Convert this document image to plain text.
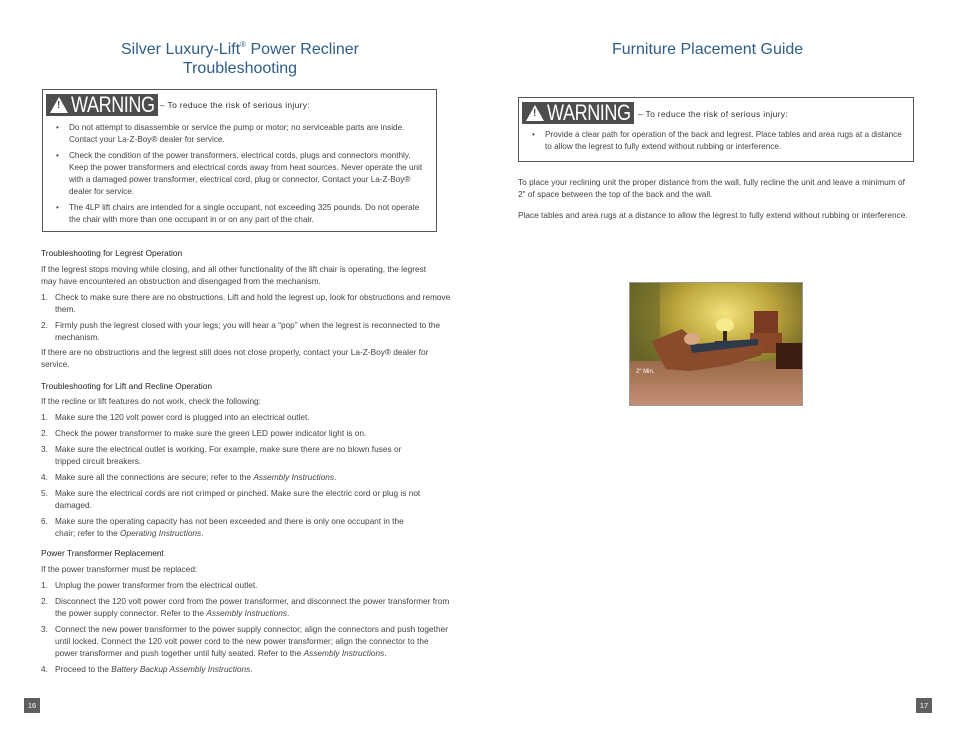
Silver Luxury-Lift® Power Recliner
Troubleshooting
! WARNING – To reduce the risk of serious injury:
• Do not attempt to disassemble or service the pump or motor; no serviceable parts are inside. Contact your La-Z-Boy® dealer for service.
• Check the condition of the power transformers, electrical cords, plugs and connectors monthly. Keep the power transformers and electrical cords away from heat sources. Never operate the unit with a damaged power transformer, electrical cord, plug or connector. Contact your La-Z-Boy® dealer for service.
• The 4LP lift chairs are intended for a single occupant, not exceeding 325 pounds. Do not operate the chair with more than one occupant in or on any part of the chair.
Troubleshooting for Legrest Operation

If the legrest stops moving while closing, and all other functionality of the lift chair is operating, the legrest may have encountered an obstruction and disengaged from the mechanism.

1. Check to make sure there are no obstructions. Lift and hold the legrest up, look for obstructions and remove them.
2. Firmly push the legrest closed with your legs; you will hear a “pop” when the legrest is reconnected to the mechanism.

If there are no obstructions and the legrest still does not close properly, contact your La-Z-Boy® dealer for service.

Troubleshooting for Lift and Recline Operation

If the recline or lift features do not work, check the following:

1. Make sure the 120 volt power cord is plugged into an electrical outlet.
2. Check the power transformer to make sure the green LED power indicator light is on.
3. Make sure the electrical outlet is working. For example, make sure there are no blown fuses or tripped circuit breakers.
4. Make sure all the connections are secure; refer to the Assembly Instructions.
5. Make sure the electrical cords are not crimped or pinched. Make sure the electric cord or plug is not damaged.
6. Make sure the operating capacity has not been exceeded and there is only one occupant in the chair; refer to the Operating Instructions.
Power Transformer Replacement

If the power transformer must be replaced:

1. Unplug the power transformer from the electrical outlet.
2. Disconnect the 120 volt power cord from the power transformer, and disconnect the power transformer from the power supply connector. Refer to the Assembly Instructions.
3. Connect the new power transformer to the power supply connector; align the connectors and push together until locked. Connect the 120 volt power cord to the new power transformer; align the connector to the power transformer and push together until fully seated. Refer to the Assembly Instructions.
4. Proceed to the Battery Backup Assembly Instructions.
16
Furniture Placement Guide
! WARNING – To reduce the risk of serious injury:
• Provide a clear path for operation of the back and legrest. Place tables and area rugs at a distance to allow the legrest to fully extend without rubbing or interference.

To place your reclining unit the proper distance from the wall, fully recline the unit and leave a minimum of 2" of space between the top of the back and the wall.

Place tables and area rugs at a distance to allow the legrest to fully extend without rubbing or interference.

2" Min.
17
